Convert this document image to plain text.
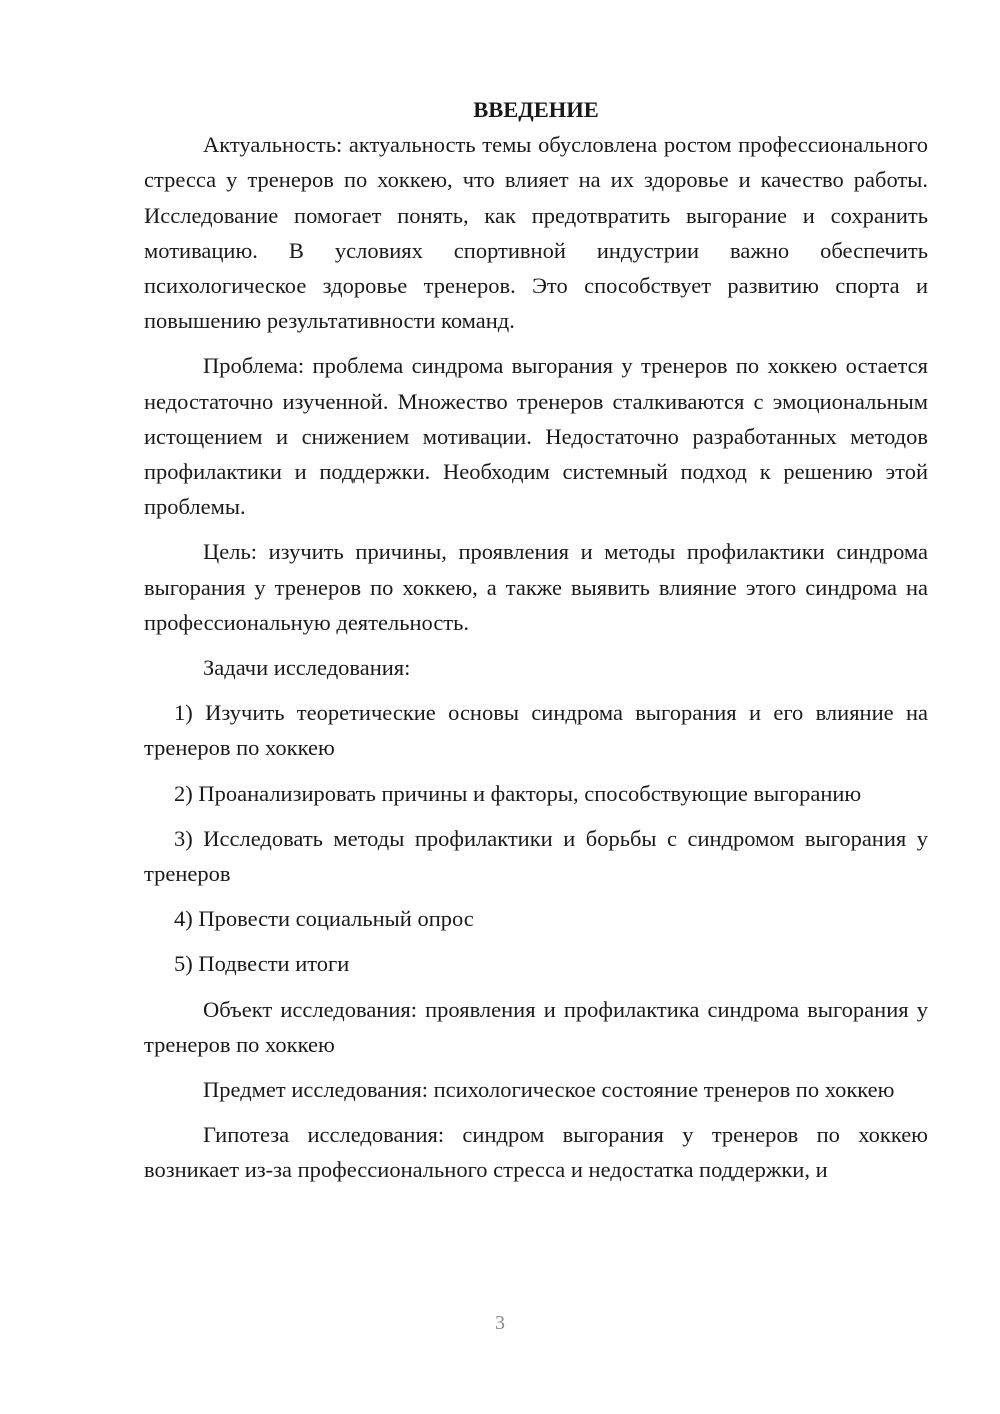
ВВЕДЕНИЕ

Актуальность: актуальность темы обусловлена ростом профессионального стресса у тренеров по хоккею, что влияет на их здоровье и качество работы. Исследование помогает понять, как предотвратить выгорание и сохранить мотивацию. В условиях спортивной индустрии важно обеспечить психологическое здоровье тренеров. Это способствует развитию спорта и повышению результативности команд.

Проблема: проблема синдрома выгорания у тренеров по хоккею остается недостаточно изученной. Множество тренеров сталкиваются с эмоциональным истощением и снижением мотивации. Недостаточно разработанных методов профилактики и поддержки. Необходим системный подход к решению этой проблемы.

Цель: изучить причины, проявления и методы профилактики синдрома выгорания у тренеров по хоккею, а также выявить влияние этого синдрома на профессиональную деятельность.

Задачи исследования:

1) Изучить теоретические основы синдрома выгорания и его влияние на тренеров по хоккею

2) Проанализировать причины и факторы, способствующие выгоранию

3) Исследовать методы профилактики и борьбы с синдромом выгорания у тренеров

4) Провести социальный опрос

5) Подвести итоги

Объект исследования: проявления и профилактика синдрома выгорания у тренеров по хоккею

Предмет исследования: психологическое состояние тренеров по хоккею

Гипотеза исследования: синдром выгорания у тренеров по хоккею возникает из-за профессионального стресса и недостатка поддержки, и

3
